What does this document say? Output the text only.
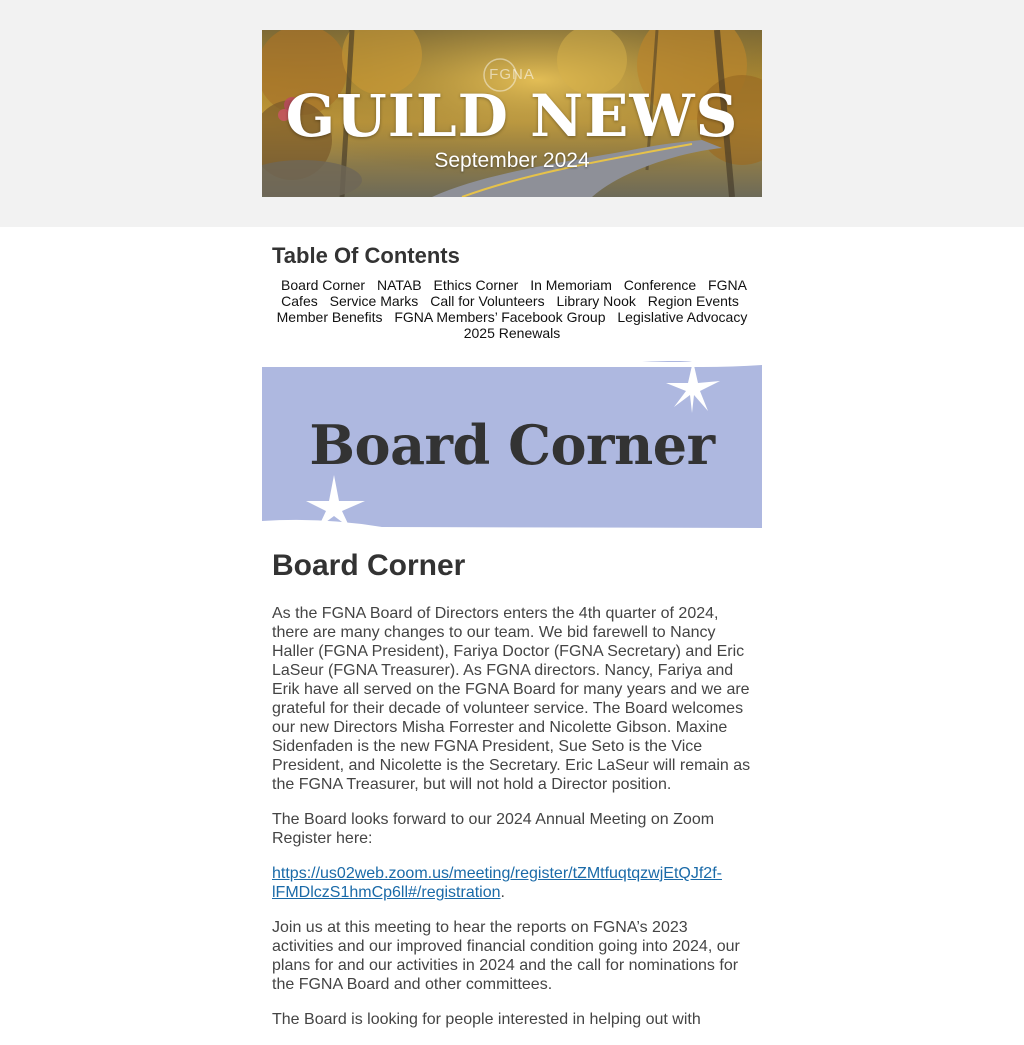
FGNA
GUILD NEWS
September 2024
Table Of Contents
Board Corner NATAB Ethics Corner In Memoriam Conference FGNA Cafes Service Marks Call for Volunteers Library Nook Region Events Member Benefits FGNA Members’ Facebook Group Legislative Advocacy 2025 Renewals
Board Corner
Board Corner

As the FGNA Board of Directors enters the 4th quarter of 2024, there are many changes to our team. We bid farewell to Nancy Haller (FGNA President), Fariya Doctor (FGNA Secretary) and Eric LaSeur (FGNA Treasurer). As FGNA directors. Nancy, Fariya and Erik have all served on the FGNA Board for many years and we are grateful for their decade of volunteer service. The Board welcomes our new Directors Misha Forrester and Nicolette Gibson. Maxine Sidenfaden is the new FGNA President, Sue Seto is the Vice President, and Nicolette is the Secretary. Eric LaSeur will remain as the FGNA Treasurer, but will not hold a Director position.

The Board looks forward to our 2024 Annual Meeting on Zoom Register here:

https://us02web.zoom.us/meeting/register/tZMtfuqtqzwjEtQJf2f-lFMDlczS1hmCp6ll#/registration.

Join us at this meeting to hear the reports on FGNA’s 2023 activities and our improved financial condition going into 2024, our plans for and our activities in 2024 and the call for nominations for the FGNA Board and other committees.

The Board is looking for people interested in helping out with
